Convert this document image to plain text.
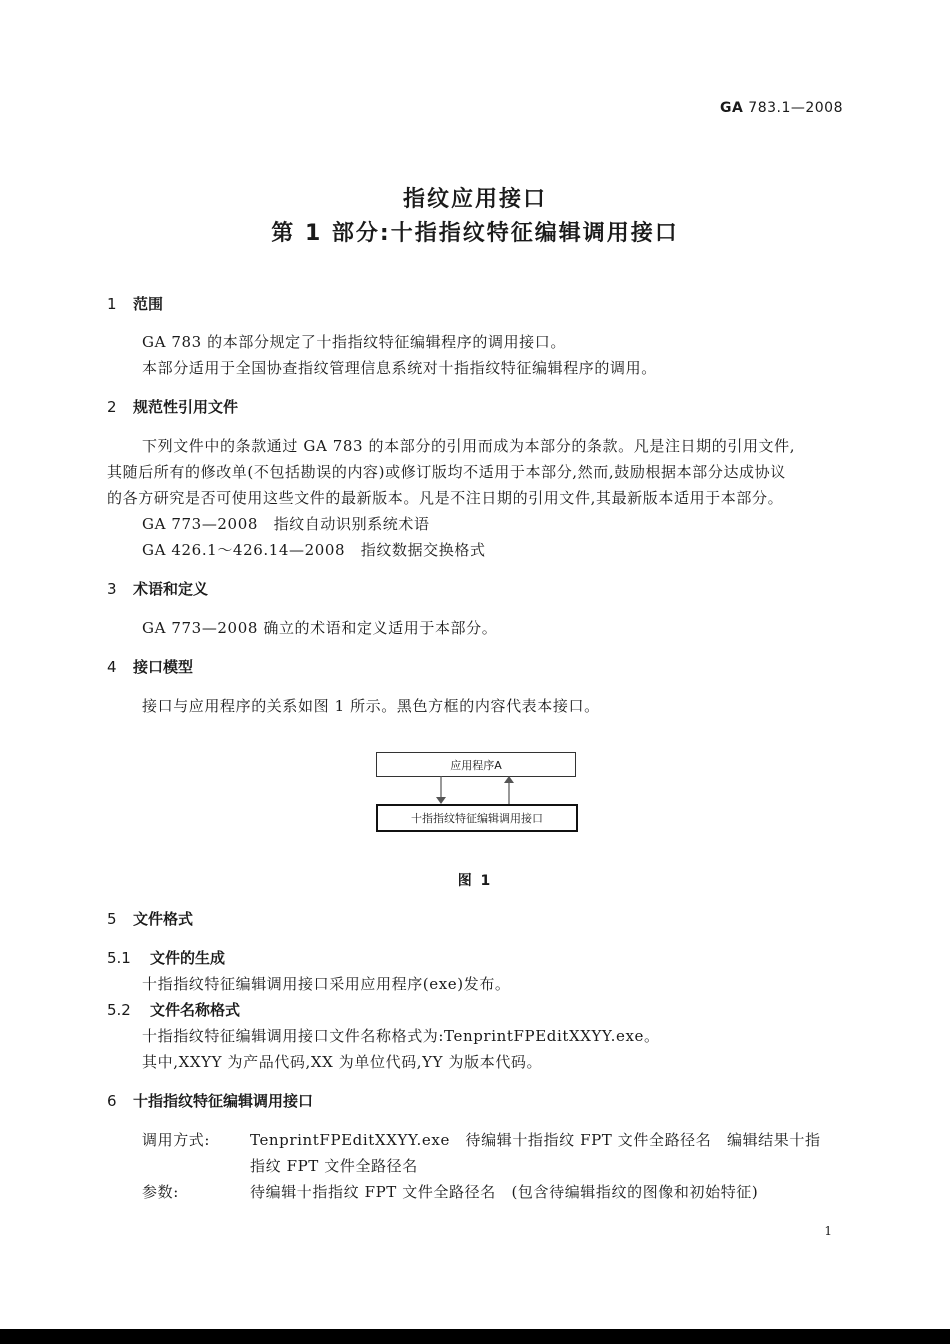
GA 783.1—2008
指纹应用接口
第 1 部分:十指指纹特征编辑调用接口
1 范围
GA 783 的本部分规定了十指指纹特征编辑程序的调用接口。
本部分适用于全国协查指纹管理信息系统对十指指纹特征编辑程序的调用。
2 规范性引用文件
下列文件中的条款通过 GA 783 的本部分的引用而成为本部分的条款。凡是注日期的引用文件,
其随后所有的修改单(不包括勘误的内容)或修订版均不适用于本部分,然而,鼓励根据本部分达成协议
的各方研究是否可使用这些文件的最新版本。凡是不注日期的引用文件,其最新版本适用于本部分。
GA 773—2008　指纹自动识别系统术语
GA 426.1～426.14—2008　指纹数据交换格式
3 术语和定义
GA 773—2008 确立的术语和定义适用于本部分。
4 接口模型
接口与应用程序的关系如图 1 所示。黑色方框的内容代表本接口。
应用程序A
十指指纹特征编辑调用接口
图 1
5 文件格式
5.1 文件的生成
十指指纹特征编辑调用接口采用应用程序(exe)发布。
5.2 文件名称格式
十指指纹特征编辑调用接口文件名称格式为:TenprintFPEditXXYY.exe。
其中,XXYY 为产品代码,XX 为单位代码,YY 为版本代码。
6 十指指纹特征编辑调用接口
调用方式:	TenprintFPEditXXYY.exe　待编辑十指指纹 FPT 文件全路径名　编辑结果十指
指纹 FPT 文件全路径名
参数:	待编辑十指指纹 FPT 文件全路径名　(包含待编辑指纹的图像和初始特征)
1
